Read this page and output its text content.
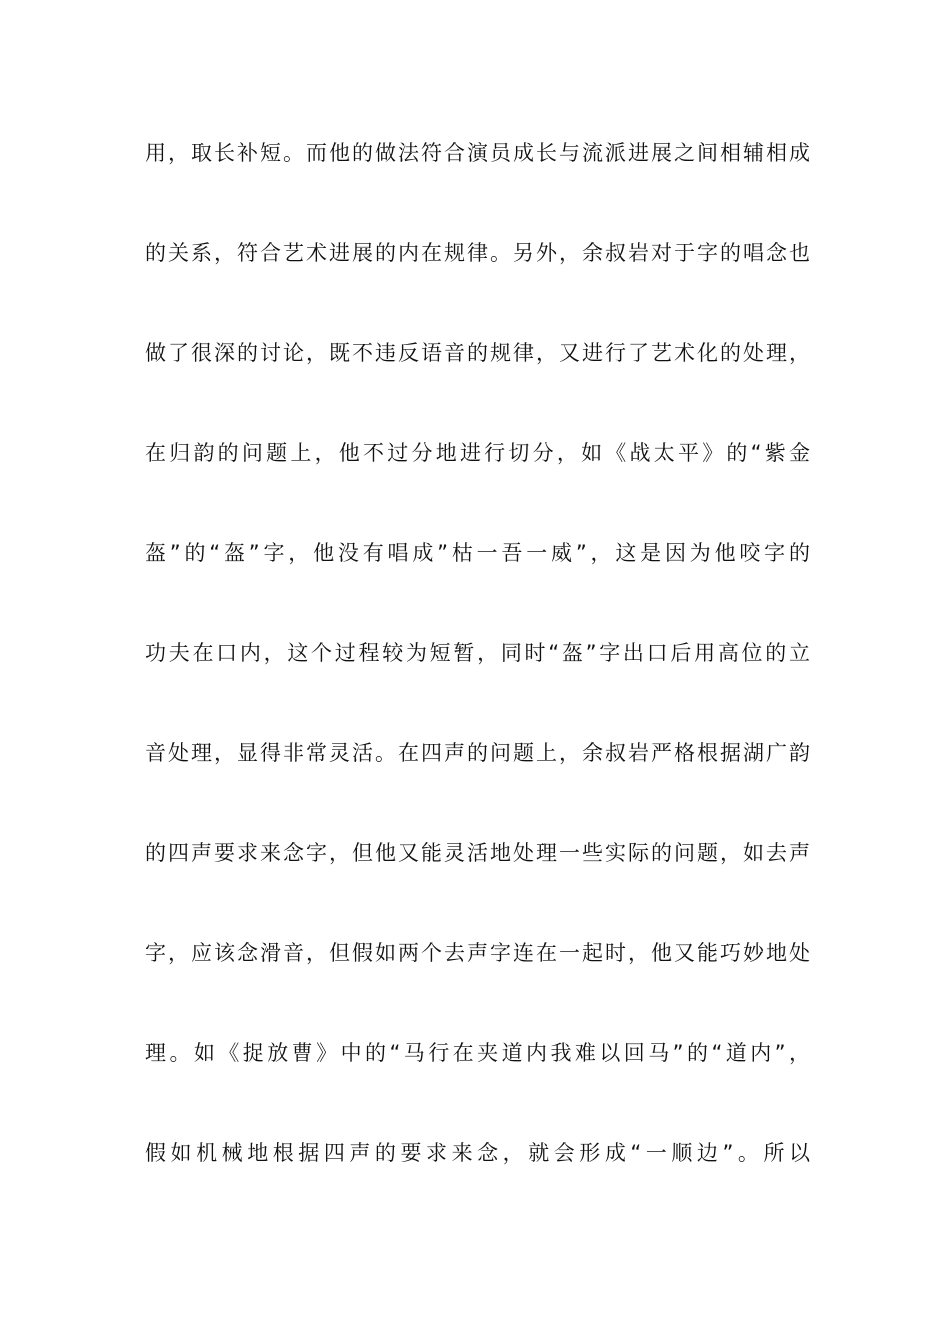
用，取长补短。而他的做法符合演员成长与流派进展之间相辅相成
的关系，符合艺术进展的内在规律。另外，余叔岩对于字的唱念也
做了很深的讨论，既不违反语音的规律，又进行了艺术化的处理，
在归韵的问题上，他不过分地进行切分，如《战太平》的“紫金
盔”的“盔”字，他没有唱成”枯一吾一威”，这是因为他咬字的
功夫在口内，这个过程较为短暂，同时“盔”字出口后用高位的立
音处理，显得非常灵活。在四声的问题上，余叔岩严格根据湖广韵
的四声要求来念字，但他又能灵活地处理一些实际的问题，如去声
字，应该念滑音，但假如两个去声字连在一起时，他又能巧妙地处
理。如《捉放曹》中的“马行在夹道内我难以回马”的“道内”，
假如机械地根据四声的要求来念，就会形成“一顺边”。所以
